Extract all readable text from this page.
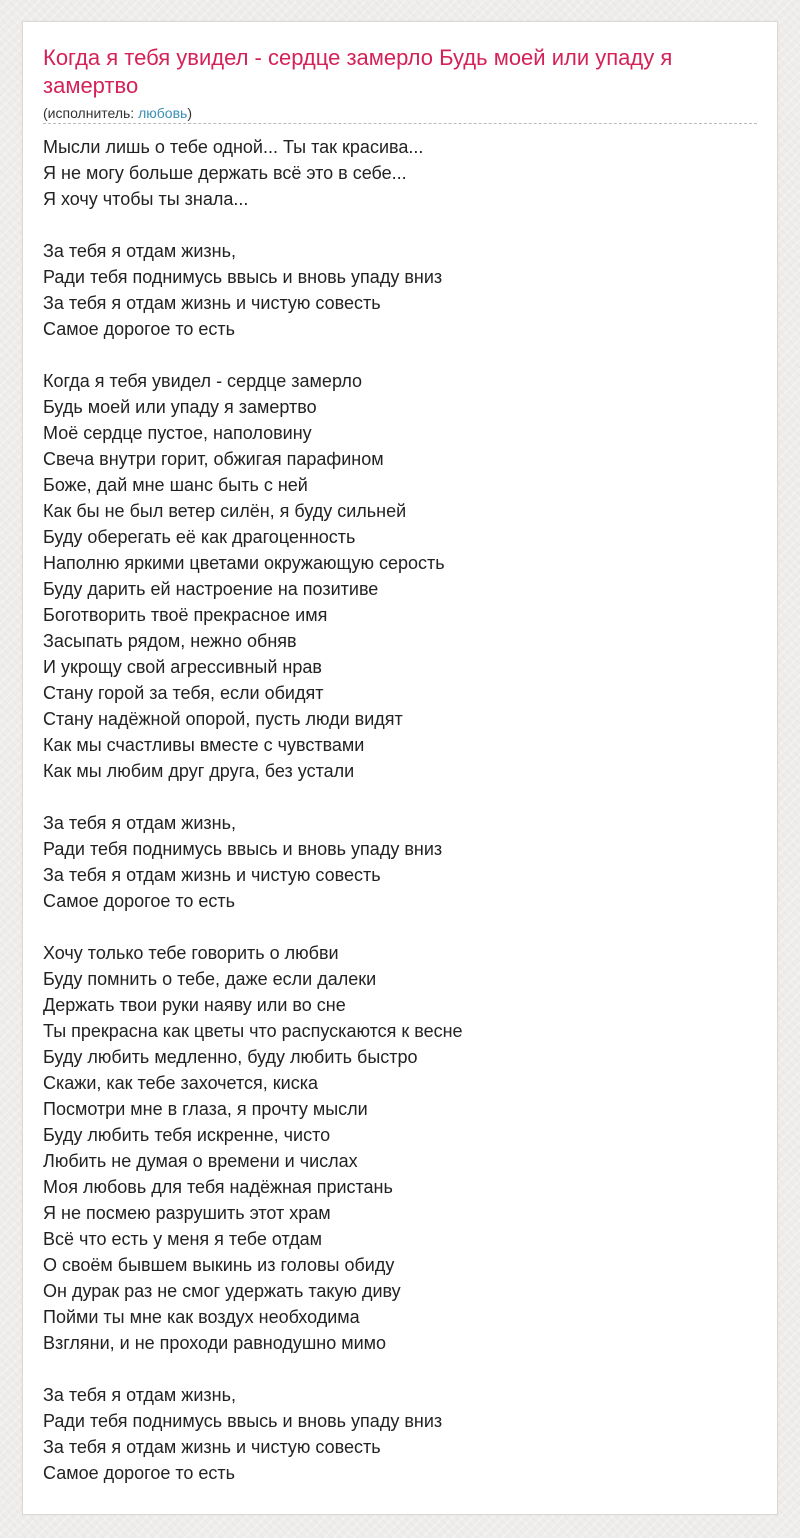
Когда я тебя увидел - сердце замерло Будь моей или упаду я замертво
(исполнитель: любовь)
Мысли лишь о тебе одной... Ты так красива...
Я не могу больше держать всё это в себе...
Я хочу чтобы ты знала...
За тебя я отдам жизнь,
Ради тебя поднимусь ввысь и вновь упаду вниз
За тебя я отдам жизнь и чистую совесть
Самое дорогое то есть
Когда я тебя увидел - сердце замерло
Будь моей или упаду я замертво
Моё сердце пустое, наполовину
Свеча внутри горит, обжигая парафином
Боже, дай мне шанс быть с ней
Как бы не был ветер силён, я буду сильней
Буду оберегать её как драгоценность
Наполню яркими цветами окружающую серость
Буду дарить ей настроение на позитиве
Боготворить твоё прекрасное имя
Засыпать рядом, нежно обняв
И укрощу свой агрессивный нрав
Стану горой за тебя, если обидят
Стану надёжной опорой, пусть люди видят
Как мы счастливы вместе с чувствами
Как мы любим друг друга, без устали
За тебя я отдам жизнь,
Ради тебя поднимусь ввысь и вновь упаду вниз
За тебя я отдам жизнь и чистую совесть
Самое дорогое то есть
Хочу только тебе говорить о любви
Буду помнить о тебе, даже если далеки
Держать твои руки наяву или во сне
Ты прекрасна как цветы что распускаются к весне
Буду любить медленно, буду любить быстро
Скажи, как тебе захочется, киска
Посмотри мне в глаза, я прочту мысли
Буду любить тебя искренне, чисто
Любить не думая о времени и числах
Моя любовь для тебя надёжная пристань
Я не посмею разрушить этот храм
Всё что есть у меня я тебе отдам
О своём бывшем выкинь из головы обиду
Он дурак раз не смог удержать такую диву
Пойми ты мне как воздух необходима
Взгляни, и не проходи равнодушно мимо
За тебя я отдам жизнь,
Ради тебя поднимусь ввысь и вновь упаду вниз
За тебя я отдам жизнь и чистую совесть
Самое дорогое то есть
